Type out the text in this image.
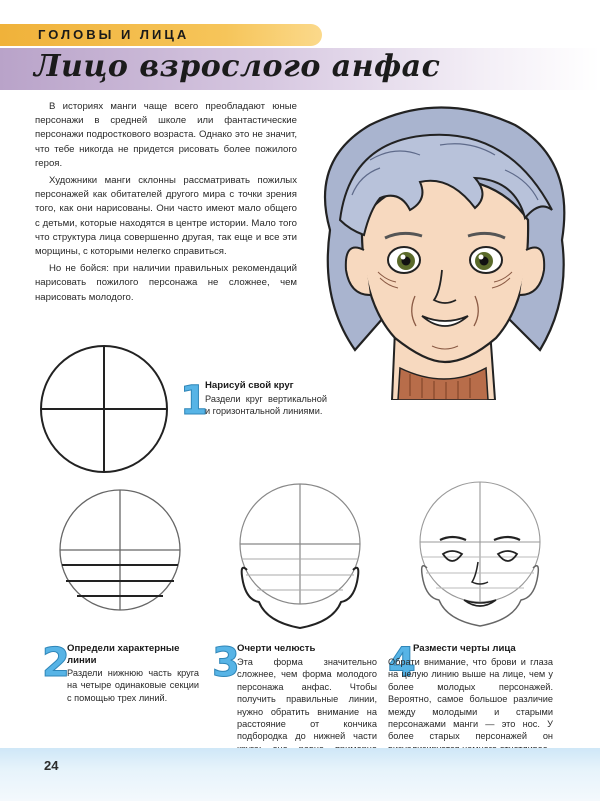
ГОЛОВЫ И ЛИЦА
Лицо взрослого анфас

В историях манги чаще всего преобладают юные персонажи в средней школе или фантастические персонажи подросткового возраста. Однако это не значит, что тебе никогда не придется рисовать более пожилого героя.

Художники манги склонны рассматривать пожилых персонажей как обитателей другого мира с точки зрения того, как они нарисованы. Они часто имеют мало общего с детьми, которые находятся в центре истории. Мало того что структура лица совершенно другая, так еще и все эти морщины, с которыми нелегко справиться.

Но не бойся: при наличии правильных рекомендаций нарисовать пожилого персонажа не сложнее, чем нарисовать молодого.

1
Нарисуй свой круг
Раздели круг вертикальной и горизонтальной линиями.
2
Определи характерные линии
Раздели нижнюю часть круга на четыре одинаковые секции с помощью трех линий.
3
Очерти челюсть
Эта форма значительно сложнее, чем форма молодого персонажа анфас. Чтобы получить правильные линии, нужно обратить внимание на расстояние от кончика подбородка до нижней части
4
Размести черты лица
Обрати внимание, что брови и глаза на целую линию выше на лице, чем у более молодых персонажей. Вероятно, самое большое различие между молодыми и старыми персонажами манги — это нос. У более старых персонажей он
24
